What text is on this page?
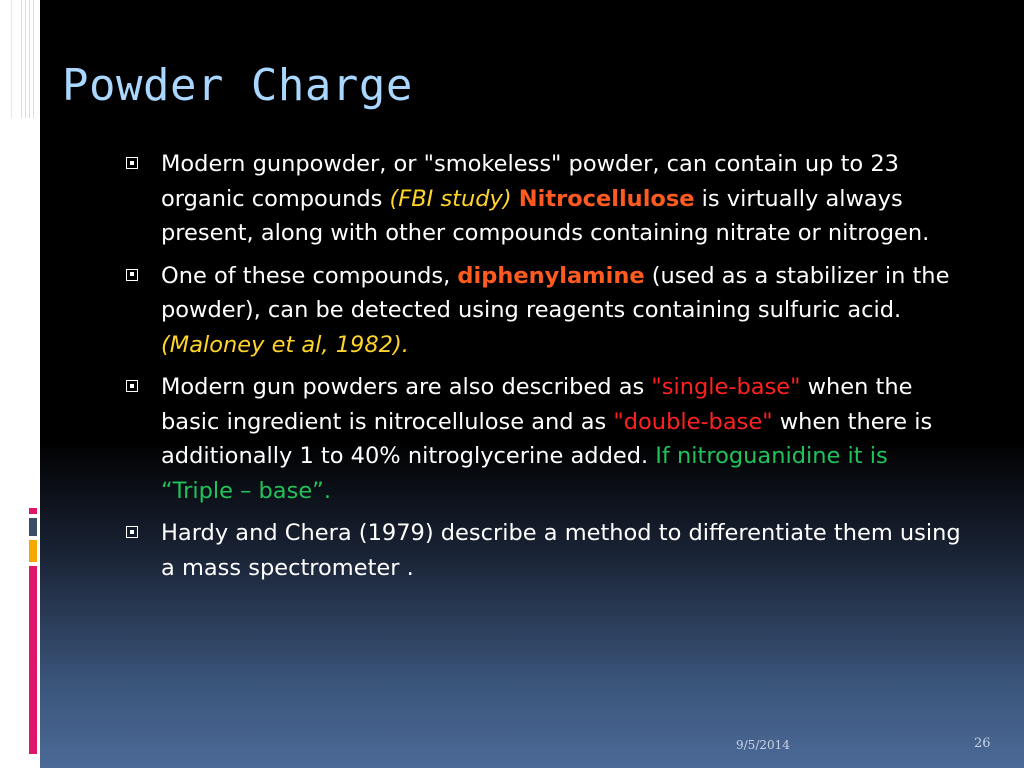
Powder Charge
Modern gunpowder, or "smokeless" powder, can contain up to 23 organic compounds (FBI study) Nitrocellulose is virtually always present, along with other compounds containing nitrate or nitrogen.
One of these compounds, diphenylamine (used as a stabilizer in the powder), can be detected using reagents containing sulfuric acid. (Maloney et al, 1982).
Modern gun powders are also described as "single-base" when the basic ingredient is nitrocellulose and as "double-base" when there is additionally 1 to 40% nitroglycerine added. If nitroguanidine it is “Triple – base”.
Hardy and Chera (1979) describe a method to differentiate them using a mass spectrometer .
9/5/2014	26
